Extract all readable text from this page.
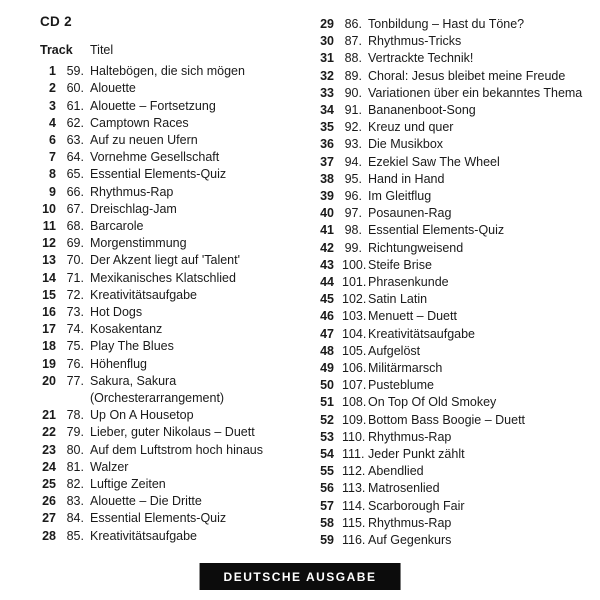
CD 2
Track	Titel
1 59. Haltebögen, die sich mögen
2 60. Alouette
3 61. Alouette – Fortsetzung
4 62. Camptown Races
6 63. Auf zu neuen Ufern
7 64. Vornehme Gesellschaft
8 65. Essential Elements-Quiz
9 66. Rhythmus-Rap
10 67. Dreischlag-Jam
11 68. Barcarole
12 69. Morgenstimmung
13 70. Der Akzent liegt auf 'Talent'
14 71. Mexikanisches Klatschlied
15 72. Kreativitätsaufgabe
16 73. Hot Dogs
17 74. Kosakentanz
18 75. Play The Blues
19 76. Höhenflug
20 77. Sakura, Sakura
(Orchesterarrangement)
21 78. Up On A Housetop
22 79. Lieber, guter Nikolaus – Duett
23 80. Auf dem Luftstrom hoch hinaus
24 81. Walzer
25 82. Luftige Zeiten
26 83. Alouette – Die Dritte
27 84. Essential Elements-Quiz
28 85. Kreativitätsaufgabe
29 86. Tonbildung – Hast du Töne?
30 87. Rhythmus-Tricks
31 88. Vertrackte Technik!
32 89. Choral: Jesus bleibet meine Freude
33 90. Variationen über ein bekanntes Thema
34 91. Bananenboot-Song
35 92. Kreuz und quer
36 93. Die Musikbox
37 94. Ezekiel Saw The Wheel
38 95. Hand in Hand
39 96. Im Gleitflug
40 97. Posaunen-Rag
41 98. Essential Elements-Quiz
42 99. Richtungweisend
43 100. Steife Brise
44 101. Phrasenkunde
45 102. Satin Latin
46 103. Menuett – Duett
47 104. Kreativitätsaufgabe
48 105. Aufgelöst
49 106. Militärmarsch
50 107. Pusteblume
51 108. On Top Of Old Smokey
52 109. Bottom Bass Boogie – Duett
53 110. Rhythmus-Rap
54 111. Jeder Punkt zählt
55 112. Abendlied
56 113. Matrosenlied
57 114. Scarborough Fair
58 115. Rhythmus-Rap
59 116. Auf Gegenkurs
DEUTSCHE AUSGABE
